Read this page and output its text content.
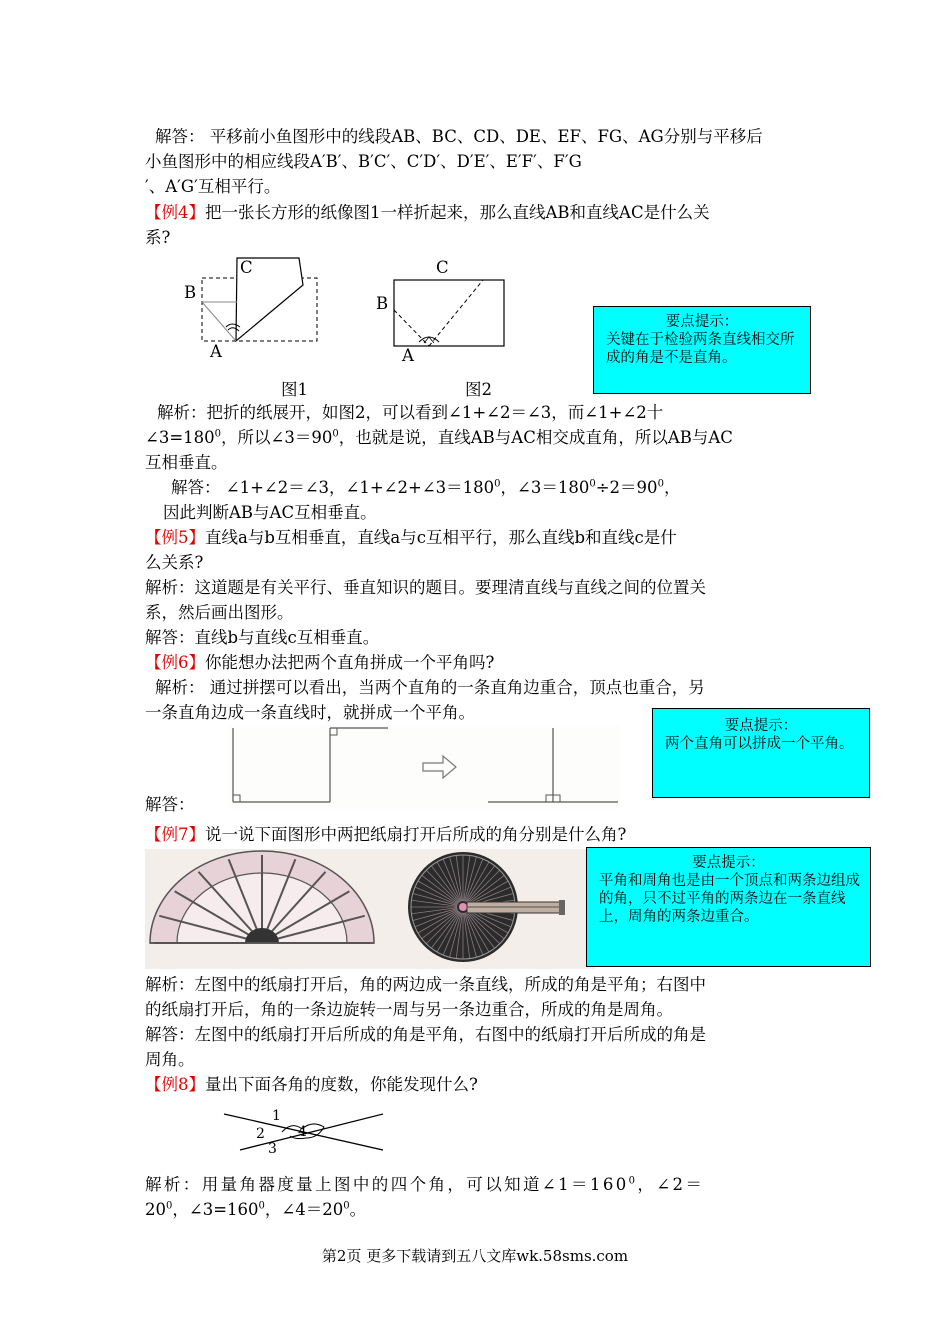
解答： 平移前小鱼图形中的线段AB、BC、CD、DE、EF、FG、AG分别与平移后

小鱼图形中的相应线段A′B′、B′C′、C′D′、D′E′、E′F′、F′G

′、A′G′互相平行。

【例4】把一张长方形的纸像图1一样折起来，那么直线AB和直线AC是什么关

系?

C
B
A
图1
C
B
A
图2
要点提示：
关键在于检验两条直线相交所成的角是不是直角。

解析：把折的纸展开，如图2，可以看到∠1+∠2＝∠3，而∠1+∠2十

$\angle 3=180^0$，所以$\angle 3=90^0$，也就是说，直线AB与AC相交成直角，所以AB与AC

互相垂直。

解答： ∠1+∠2＝∠3，$\angle 1+\angle 2+\angle 3=180^0$，$\angle 3=180^0\div 2=90^0$，

因此判断AB与AC互相垂直。

【例5】直线a与b互相垂直，直线a与c互相平行，那么直线b和直线c是什

么关系?

解析：这道题是有关平行、垂直知识的题目。要理清直线与直线之间的位置关

系，然后画出图形。

解答：直线b与直线c互相垂直。

【例6】你能想办法把两个直角拼成一个平角吗?

解析： 通过拼摆可以看出，当两个直角的一条直角边重合，顶点也重合，另

一条直角边成一条直线时，就拼成一个平角。

要点提示：
两个直角可以拼成一个平角。

解答：

【例7】说一说下面图形中两把纸扇打开后所成的角分别是什么角?

要点提示：
平角和周角也是由一个顶点和两条边组成的角，只不过平角的两条边在一条直线上，周角的两条边重合。

解析：左图中的纸扇打开后，角的两边成一条直线，所成的角是平角；右图中

的纸扇打开后，角的一条边旋转一周与另一条边重合，所成的角是周角。

解答：左图中的纸扇打开后所成的角是平角，右图中的纸扇打开后所成的角是

周角。

【例8】量出下面各角的度数，你能发现什么?

1
2 4
3

解析：用量角器度量上图中的四个角，可以知道$\angle 1=160^0$，∠2＝

$20^0$，$\angle 3=160^0$，$\angle 4=20^0$。

第2页 更多下载请到五八文库wk.58sms.com
